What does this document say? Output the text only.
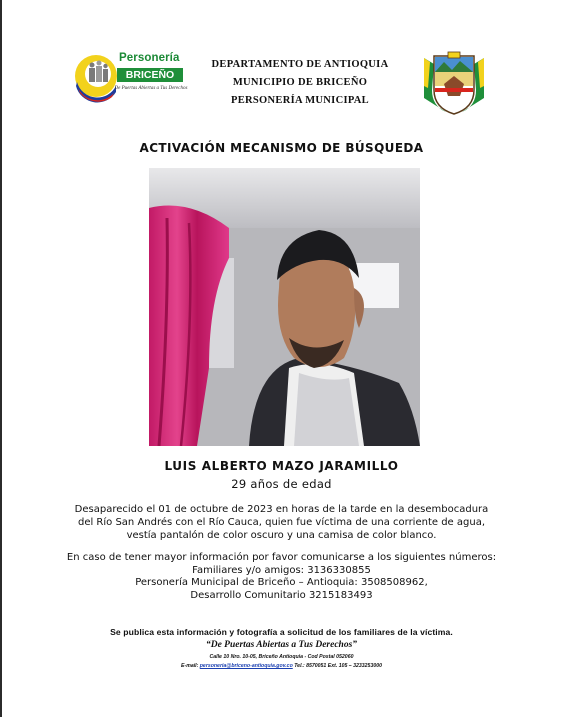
Personería
BRICEÑO
De Puertas Abiertas a Tus Derechos
DEPARTAMENTO DE ANTIOQUIA
MUNICIPIO DE BRICEÑO
PERSONERÍA MUNICIPAL
ACTIVACIÓN MECANISMO DE BÚSQUEDA
LUIS ALBERTO MAZO JARAMILLO
29 años de edad
Desaparecido el 01 de octubre de 2023 en horas de la tarde en la desembocadura del Río San Andrés con el Río Cauca, quien fue víctima de una corriente de agua, vestía pantalón de color oscuro y una camisa de color blanco.
En caso de tener mayor información por favor comunicarse a los siguientes números:
Familiares y/o amigos: 3136330855
Personería Municipal de Briceño – Antioquia: 3508508962,
Desarrollo Comunitario 3215183493
Se publica esta información y fotografía a solicitud de los familiares de la víctima.
“De Puertas Abiertas a Tus Derechos”
Calle 10 Nro. 10-05, Briceño Antioquia - Cod Postal 052060
E-mail: personeria@briceno-antioquia.gov.co Tel.: 8570051 Ext. 105 – 3233253000
